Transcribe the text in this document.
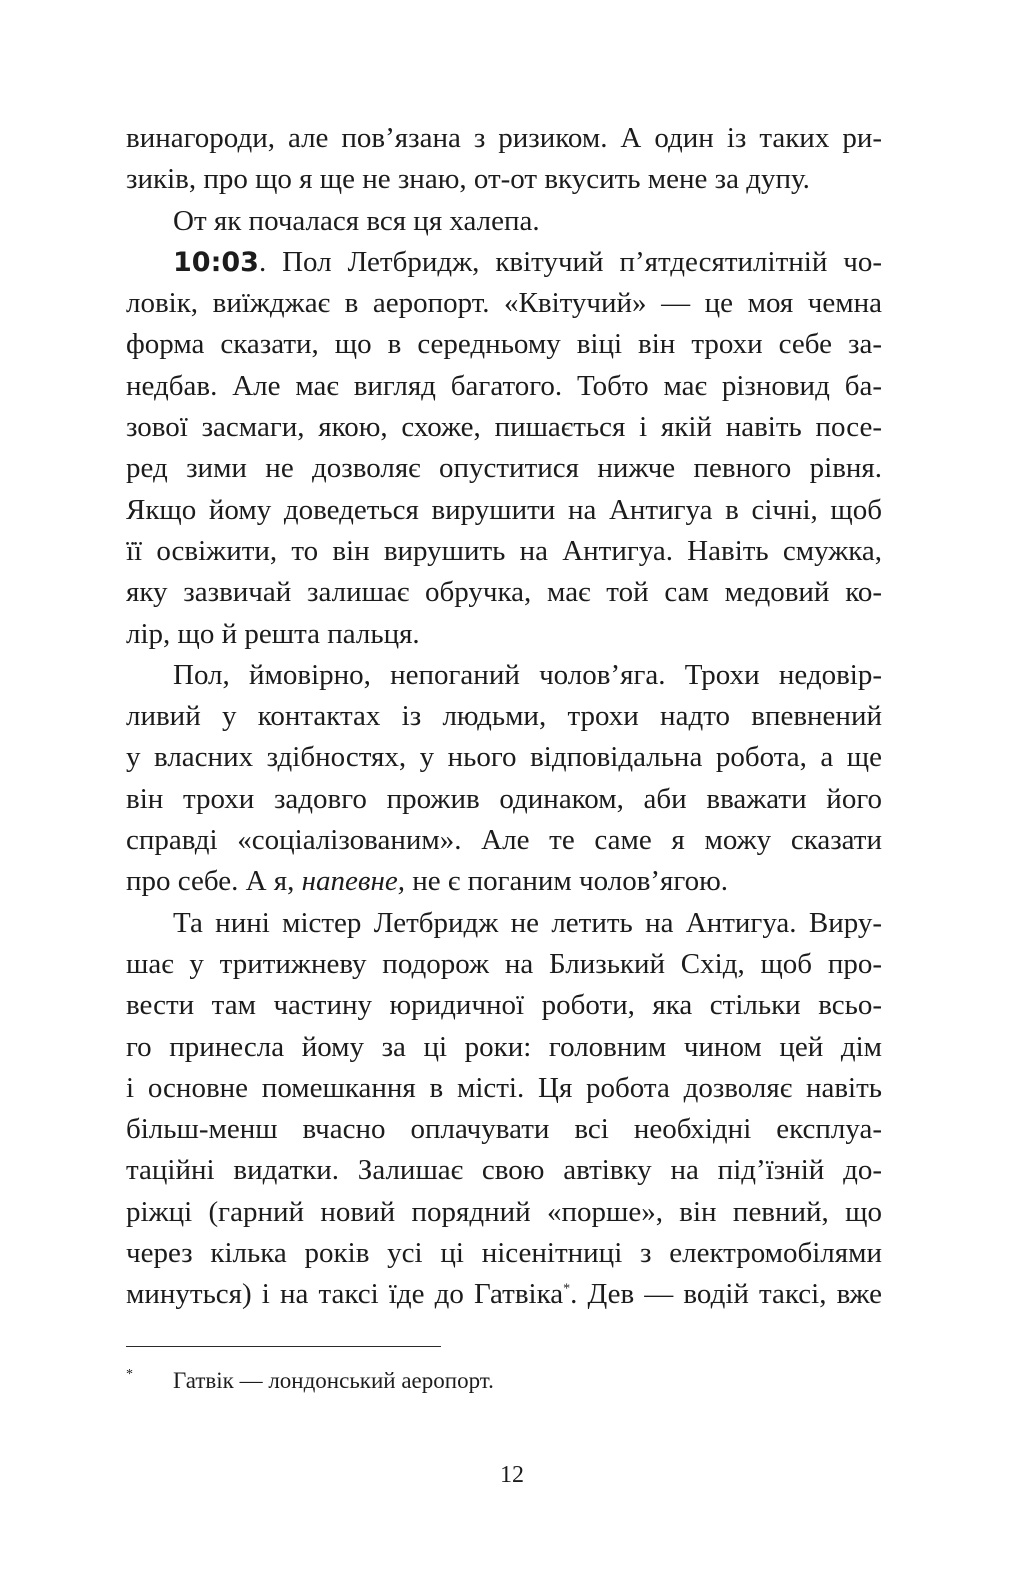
винагороди, але пов’язана з ризиком. А один із таких ри-
зиків, про що я ще не знаю, от-от вкусить мене за дупу.
От як почалася вся ця халепа.
10:03. Пол Летбридж, квітучий п’ятдесятилітній чо-
ловік, виїжджає в аеропорт. «Квітучий» — це моя чемна
форма сказати, що в середньому віці він трохи себе за-
недбав. Але має вигляд багатого. Тобто має різновид ба-
зової засмаги, якою, схоже, пишається і якій навіть посе-
ред зими не дозволяє опуститися нижче певного рівня.
Якщо йому доведеться вирушити на Антигуа в січні, щоб
її освіжити, то він вирушить на Антигуа. Навіть смужка,
яку зазвичай залишає обручка, має той сам медовий ко-
лір, що й решта пальця.
Пол, ймовірно, непоганий чолов’яга. Трохи недовір-
ливий у контактах із людьми, трохи надто впевнений
у власних здібностях, у нього відповідальна робота, а ще
він трохи задовго прожив одинаком, аби вважати його
справді «соціалізованим». Але те саме я можу сказати
про себе. А я, напевне, не є поганим чолов’ягою.
Та нині містер Летбридж не летить на Антигуа. Виру-
шає у тритижневу подорож на Близький Схід, щоб про-
вести там частину юридичної роботи, яка стільки всьо-
го принесла йому за ці роки: головним чином цей дім
і основне помешкання в місті. Ця робота дозволяє навіть
більш-менш вчасно оплачувати всі необхідні експлуа-
таційні видатки. Залишає свою автівку на під’їзній до-
ріжці (гарний новий порядний «порше», він певний, що
через кілька років усі ці нісенітниці з електромобілями
минуться) і на таксі їде до Гатвіка*. Дев — водій таксі, вже
* Гатвік — лондонський аеропорт.
12
